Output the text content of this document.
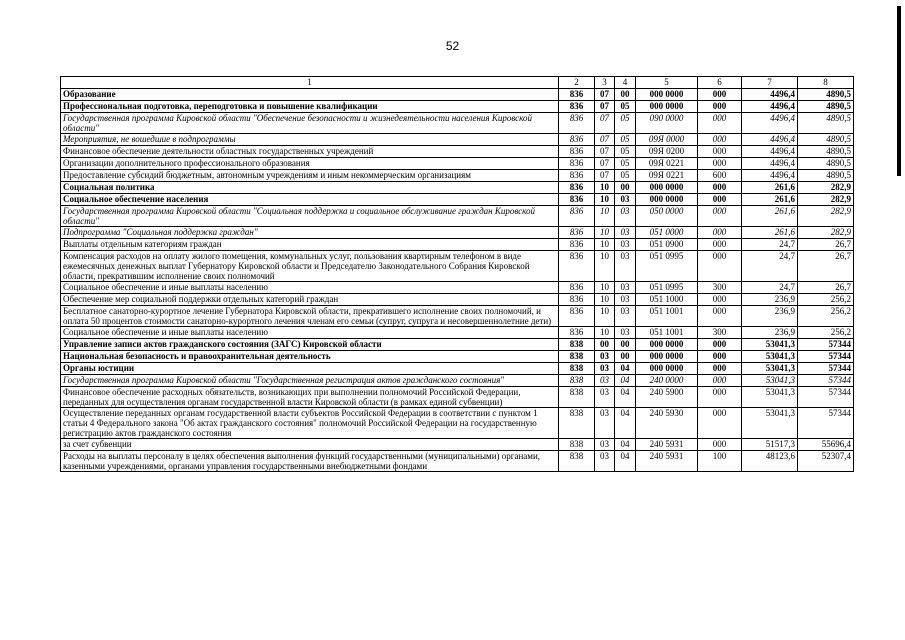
52
1	2	3	4	5	6	7	8
Образование	836	07	00	000 0000	000	4496,4	4890,5
Профессиональная подготовка, переподготовка и повышение квалификации	836	07	05	000 0000	000	4496,4	4890,5
Государственная программа Кировской области "Обеспечение безопасности и жизнедеятельности населения Кировской области"	836	07	05	090 0000	000	4496,4	4890,5
Мероприятия, не вошедшие в подпрограммы	836	07	05	09Я 0000	000	4496,4	4890,5
Финансовое обеспечение деятельности областных государственных учреждений	836	07	05	09Я 0200	000	4496,4	4890,5
Организации дополнительного профессионального образования	836	07	05	09Я 0221	000	4496,4	4890,5
Предоставление субсидий бюджетным, автономным учреждениям и иным некоммерческим организациям	836	07	05	09Я 0221	600	4496,4	4890,5
Социальная политика	836	10	00	000 0000	000	261,6	282,9
Социальное обеспечение населения	836	10	03	000 0000	000	261,6	282,9
Государственная программа Кировской области "Социальная поддержка и социальное обслуживание граждан Кировской области"	836	10	03	050 0000	000	261,6	282,9
Подпрограмма "Социальная поддержка граждан"	836	10	03	051 0000	000	261,6	282,9
Выплаты отдельным категориям граждан	836	10	03	051 0900	000	24,7	26,7
Компенсация расходов на оплату жилого помещения, коммунальных услуг, пользования квартирным телефоном в виде ежемесячных денежных выплат Губернатору Кировской области и Председателю Законодательного Собрания Кировской области, прекратившим исполнение своих полномочий	836	10	03	051 0995	000	24,7	26,7
Социальное обеспечение и иные выплаты населению	836	10	03	051 0995	300	24,7	26,7
Обеспечение мер социальной поддержки отдельных категорий граждан	836	10	03	051 1000	000	236,9	256,2
Бесплатное санаторно-курортное лечение Губернатора Кировской области, прекратившего исполнение своих полномочий, и оплата 50 процентов стоимости санаторно-курортного лечения членам его семьи (супруг, супруга и несовершеннолетние дети)	836	10	03	051 1001	000	236,9	256,2
Социальное обеспечение и иные выплаты населению	836	10	03	051 1001	300	236,9	256,2
Управление записи актов гражданского состояния (ЗАГС) Кировской области	838	00	00	000 0000	000	53041,3	57344
Национальная безопасность и правоохранительная деятельность	838	03	00	000 0000	000	53041,3	57344
Органы юстиции	838	03	04	000 0000	000	53041,3	57344
Государственная программа Кировской области "Государственная регистрация актов гражданского состояния"	838	03	04	240 0000	000	53041,3	57344
Финансовое обеспечение расходных обязательств, возникающих при выполнении полномочий Российской Федерации, переданных для осуществления органам государственной власти Кировской области (в рамках единой субвенции)	838	03	04	240 5900	000	53041,3	57344
Осуществление переданных органам государственной власти субъектов Российской Федерации в соответствии с пунктом 1 статьи 4 Федерального закона "Об актах гражданского состояния" полномочий Российской Федерации на государственную регистрацию актов гражданского состояния	838	03	04	240 5930	000	53041,3	57344
за счет субвенции	838	03	04	240 5931	000	51517,3	55696,4
Расходы на выплаты персоналу в целях обеспечения выполнения функций государственными (муниципальными) органами, казенными учреждениями, органами управления государственными внебюджетными фондами	838	03	04	240 5931	100	48123,6	52307,4
